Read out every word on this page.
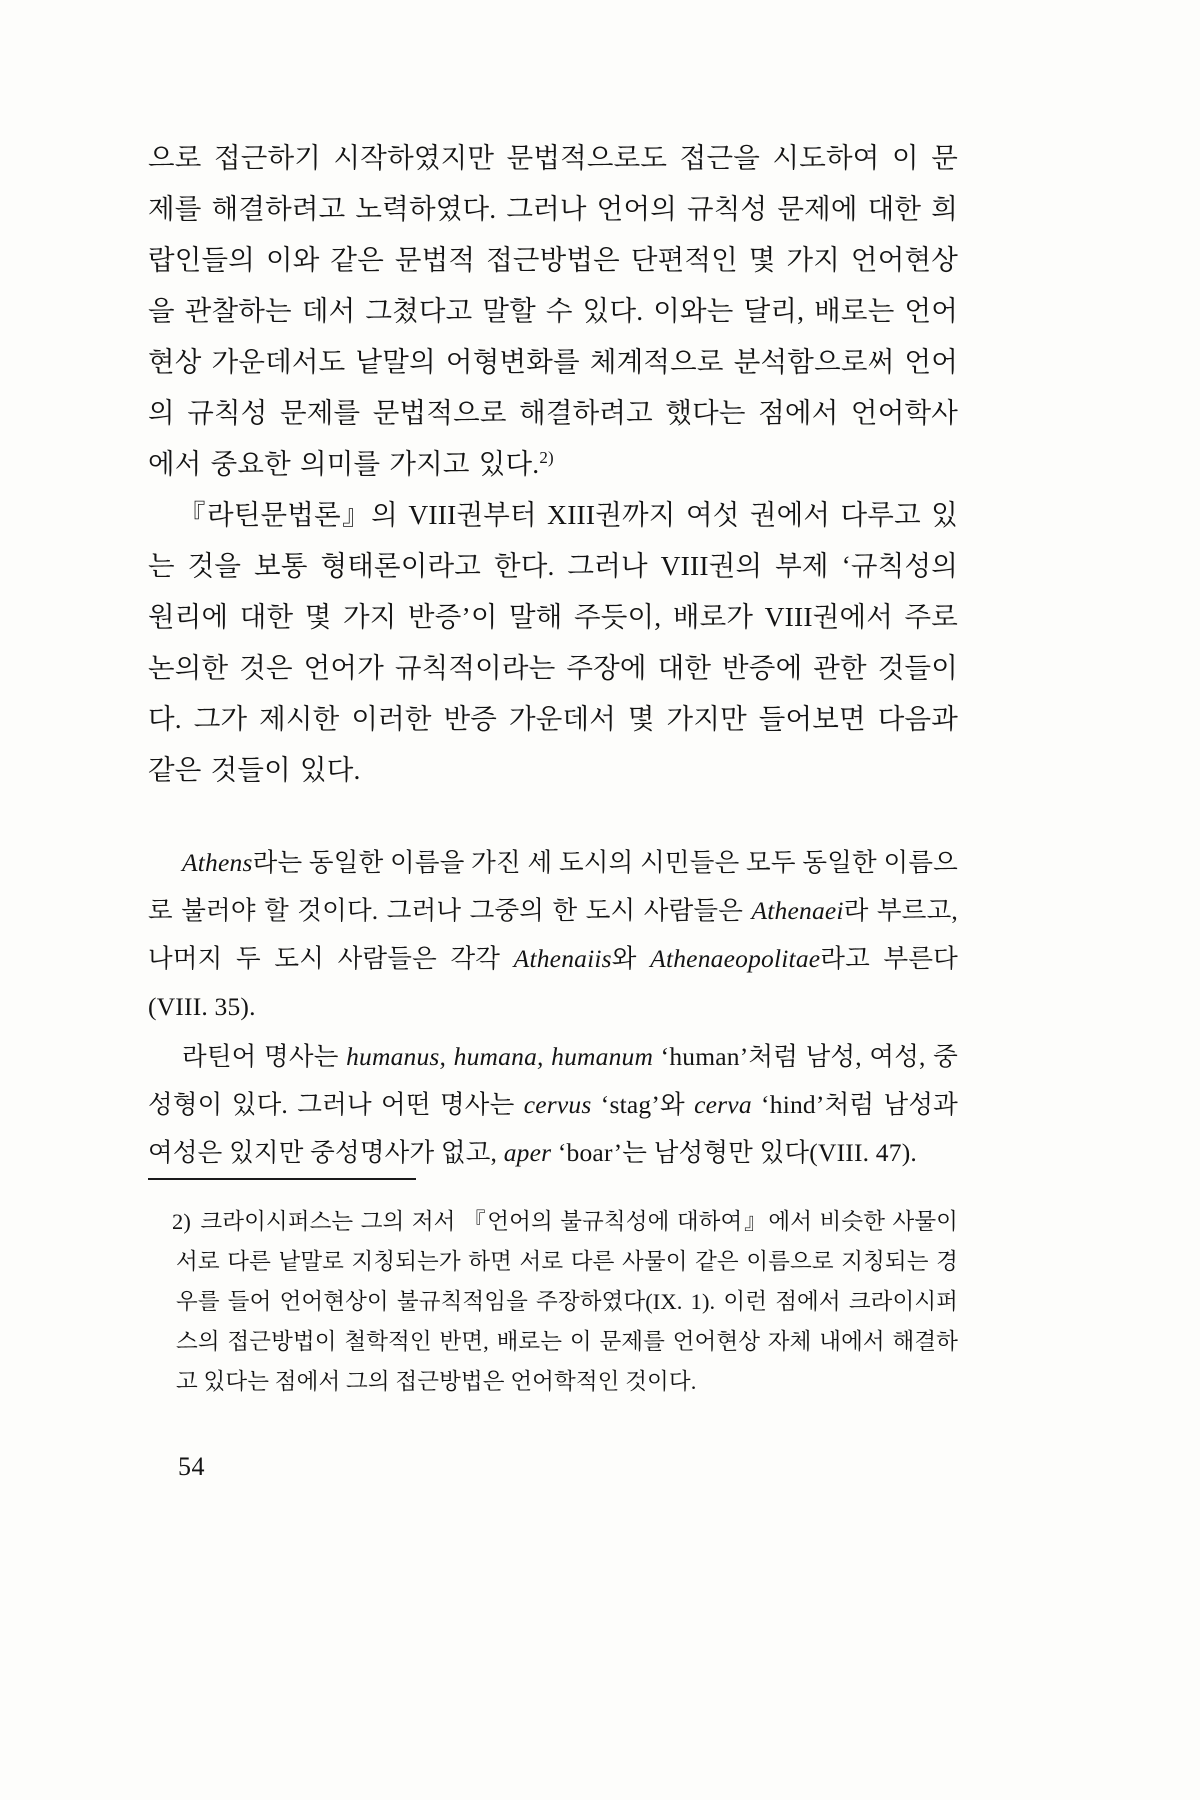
으로 접근하기 시작하였지만 문법적으로도 접근을 시도하여 이 문제를 해결하려고 노력하였다. 그러나 언어의 규칙성 문제에 대한 희랍인들의 이와 같은 문법적 접근방법은 단편적인 몇 가지 언어현상을 관찰하는 데서 그쳤다고 말할 수 있다. 이와는 달리, 배로는 언어현상 가운데서도 낱말의 어형변화를 체계적으로 분석함으로써 언어의 규칙성 문제를 문법적으로 해결하려고 했다는 점에서 언어학사에서 중요한 의미를 가지고 있다.$^{2)}$

『라틴문법론』의 VIII권부터 XIII권까지 여섯 권에서 다루고 있는 것을 보통 형태론이라고 한다. 그러나 VIII권의 부제 ‘규칙성의 원리에 대한 몇 가지 반증’이 말해 주듯이, 배로가 VIII권에서 주로 논의한 것은 언어가 규칙적이라는 주장에 대한 반증에 관한 것들이다. 그가 제시한 이러한 반증 가운데서 몇 가지만 들어보면 다음과 같은 것들이 있다.

Athens라는 동일한 이름을 가진 세 도시의 시민들은 모두 동일한 이름으로 불러야 할 것이다. 그러나 그중의 한 도시 사람들은 Athenaei라 부르고, 나머지 두 도시 사람들은 각각 Athenaiis와 Athenaeopolitae라고 부른다 (VIII. 35).

라틴어 명사는 humanus, humana, humanum ‘human’처럼 남성, 여성, 중성형이 있다. 그러나 어떤 명사는 cervus ‘stag’와 cerva ‘hind’처럼 남성과 여성은 있지만 중성명사가 없고, aper ‘boar’는 남성형만 있다(VIII. 47).

2) 크라이시퍼스는 그의 저서 『언어의 불규칙성에 대하여』에서 비슷한 사물이 서로 다른 낱말로 지칭되는가 하면 서로 다른 사물이 같은 이름으로 지칭되는 경우를 들어 언어현상이 불규칙적임을 주장하였다(IX. 1). 이런 점에서 크라이시퍼스의 접근방법이 철학적인 반면, 배로는 이 문제를 언어현상 자체 내에서 해결하고 있다는 점에서 그의 접근방법은 언어학적인 것이다.

54
